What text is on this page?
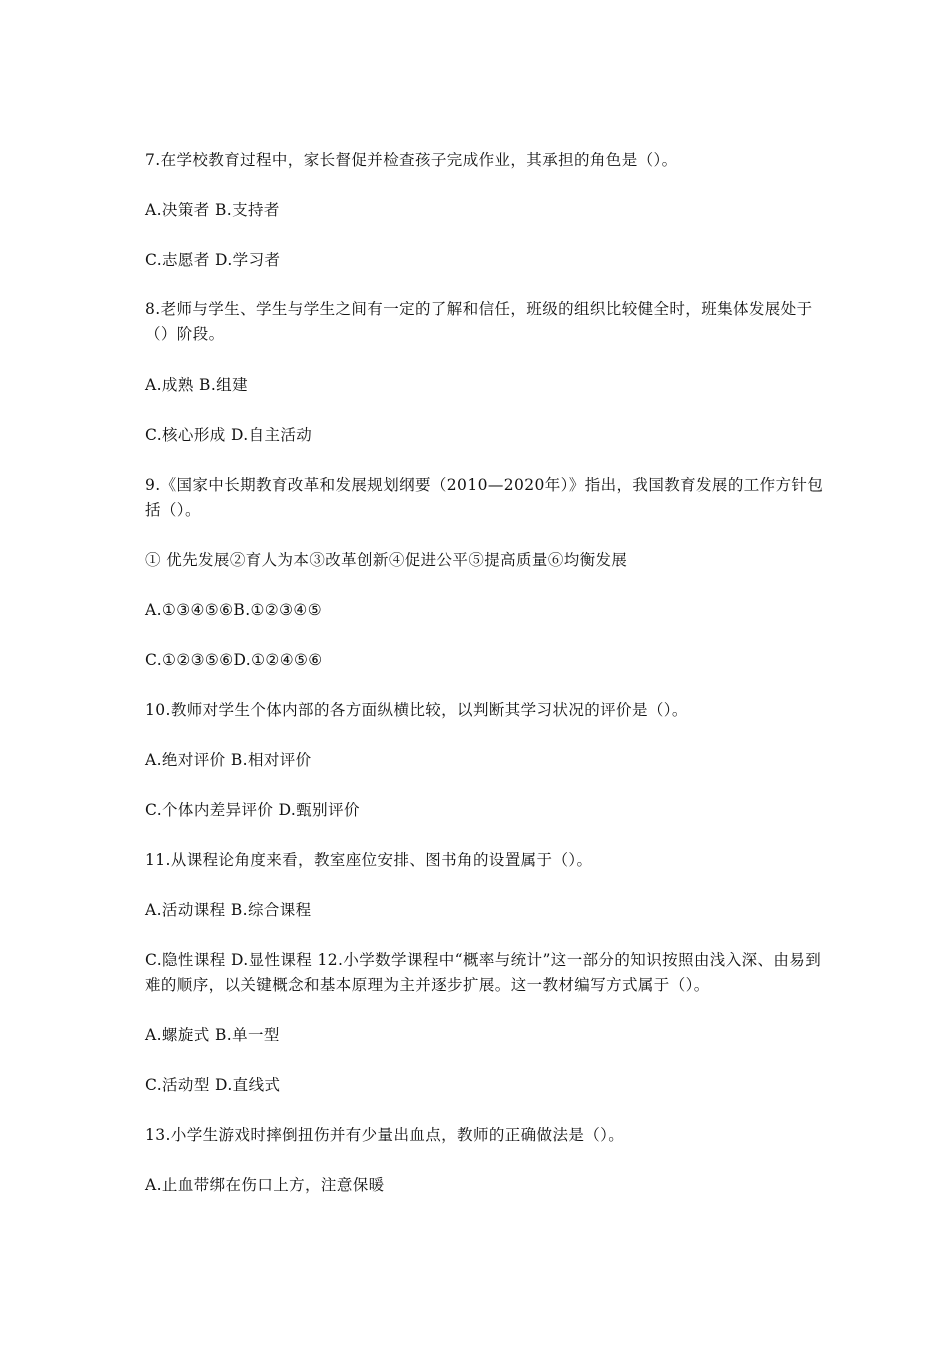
7.在学校教育过程中，家长督促并检查孩子完成作业，其承担的角色是（）。
A.决策者 B.支持者
C.志愿者 D.学习者
8.老师与学生、学生与学生之间有一定的了解和信任，班级的组织比较健全时，班集体发展处于（）阶段。
A.成熟 B.组建
C.核心形成 D.自主活动
9.《国家中长期教育改革和发展规划纲要（2010—2020年）》指出，我国教育发展的工作方针包括（）。
① 优先发展②育人为本③改革创新④促进公平⑤提高质量⑥均衡发展
A.①③④⑤⑥B.①②③④⑤
C.①②③⑤⑥D.①②④⑤⑥
10.教师对学生个体内部的各方面纵横比较，以判断其学习状况的评价是（）。
A.绝对评价 B.相对评价
C.个体内差异评价 D.甄别评价
11.从课程论角度来看，教室座位安排、图书角的设置属于（）。
A.活动课程 B.综合课程
C.隐性课程 D.显性课程 12.小学数学课程中“概率与统计”这一部分的知识按照由浅入深、由易到难的顺序，以关键概念和基本原理为主并逐步扩展。这一教材编写方式属于（）。
A.螺旋式 B.单一型
C.活动型 D.直线式
13.小学生游戏时摔倒扭伤并有少量出血点，教师的正确做法是（）。
A.止血带绑在伤口上方，注意保暖
